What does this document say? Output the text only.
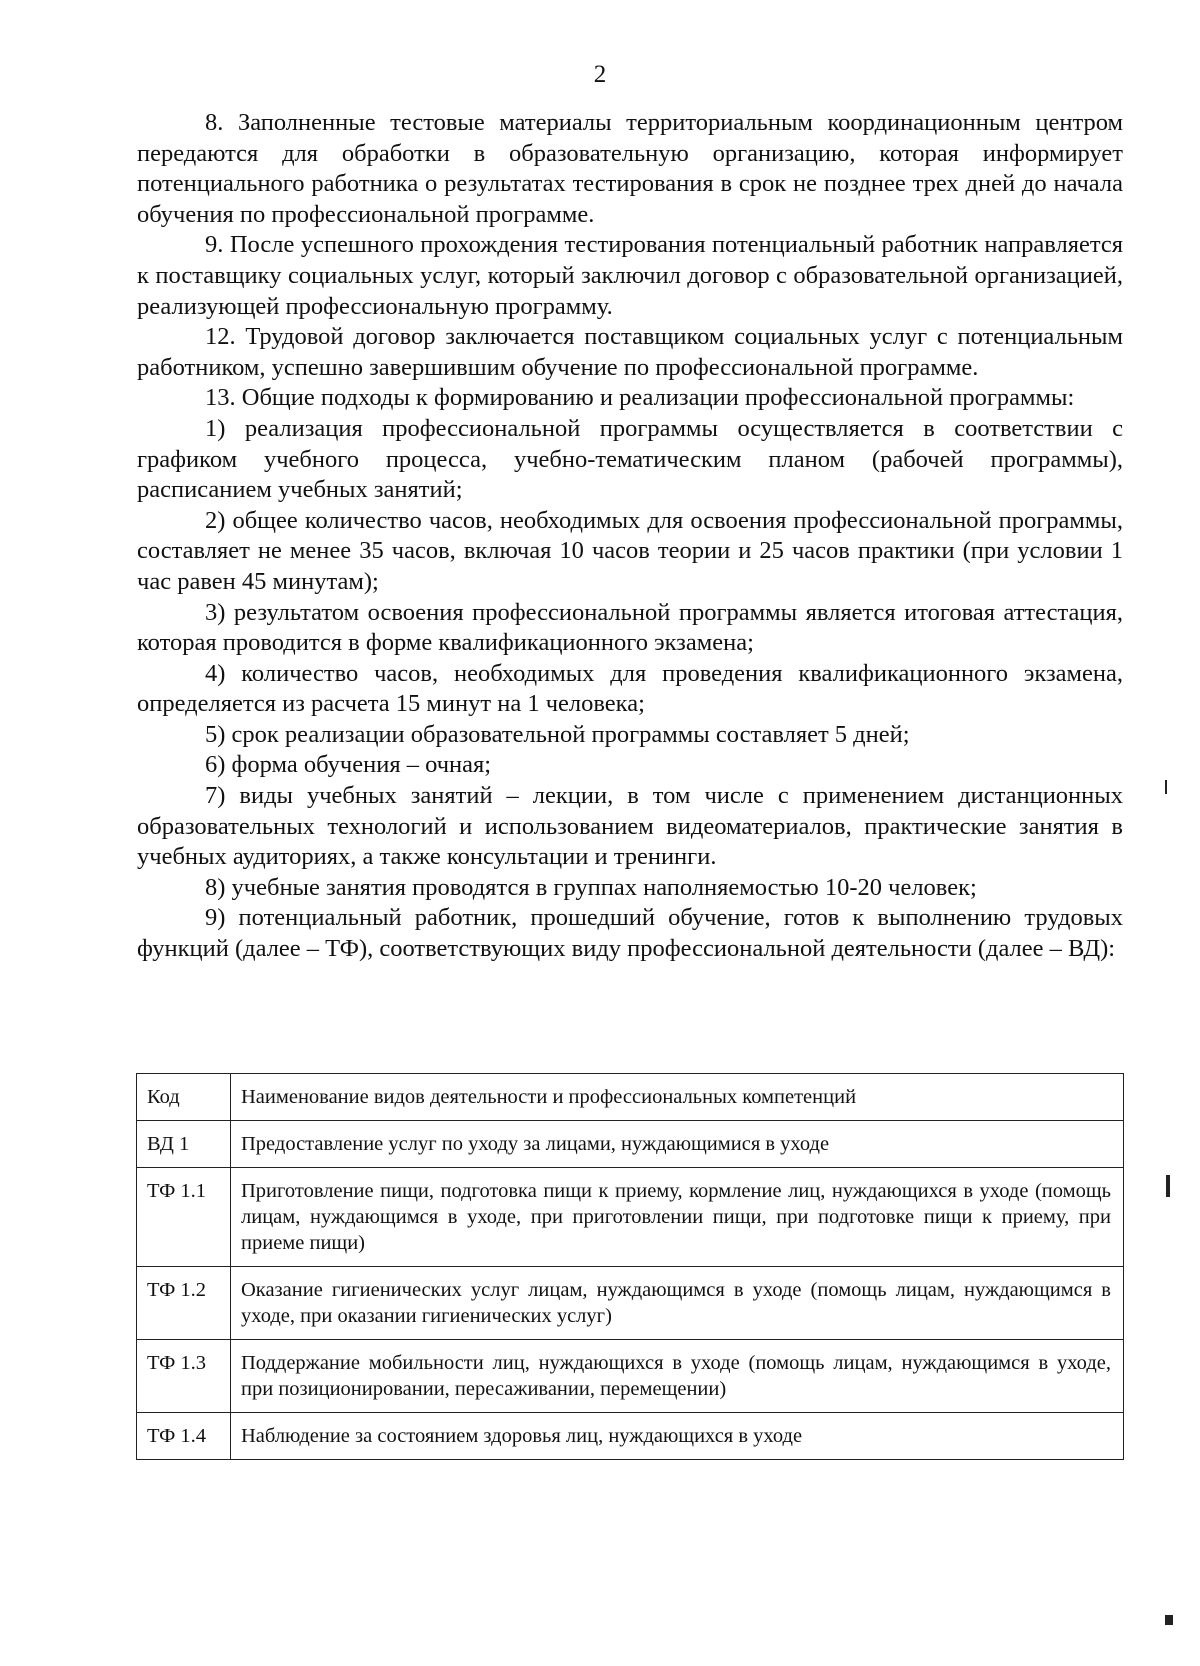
2

8. Заполненные тестовые материалы территориальным координационным центром передаются для обработки в образовательную организацию, которая информирует потенциального работника о результатах тестирования в срок не позднее трех дней до начала обучения по профессиональной программе.

9. После успешного прохождения тестирования потенциальный работник направляется к поставщику социальных услуг, который заключил договор с образовательной организацией, реализующей профессиональную программу.

12. Трудовой договор заключается поставщиком социальных услуг с потенциальным работником, успешно завершившим обучение по профессиональной программе.

13. Общие подходы к формированию и реализации профессиональной программы:

1) реализация профессиональной программы осуществляется в соответствии с графиком учебного процесса, учебно-тематическим планом (рабочей программы), расписанием учебных занятий;

2) общее количество часов, необходимых для освоения профессиональной программы, составляет не менее 35 часов, включая 10 часов теории и 25 часов практики (при условии 1 час равен 45 минутам);

3) результатом освоения профессиональной программы является итоговая аттестация, которая проводится в форме квалификационного экзамена;

4) количество часов, необходимых для проведения квалификационного экзамена, определяется из расчета 15 минут на 1 человека;

5) срок реализации образовательной программы составляет 5 дней;

6) форма обучения – очная;

7) виды учебных занятий – лекции, в том числе с применением дистанционных образовательных технологий и использованием видеоматериалов, практические занятия в учебных аудиториях, а также консультации и тренинги.

8) учебные занятия проводятся в группах наполняемостью 10-20 человек;

9) потенциальный работник, прошедший обучение, готов к выполнению трудовых функций (далее – ТФ), соответствующих виду профессиональной деятельности (далее – ВД):

Код	Наименование видов деятельности и профессиональных компетенций
ВД 1	Предоставление услуг по уходу за лицами, нуждающимися в уходе
ТФ 1.1	Приготовление пищи, подготовка пищи к приему, кормление лиц, нуждающихся в уходе (помощь лицам, нуждающимся в уходе, при приготовлении пищи, при подготовке пищи к приему, при приеме пищи)
ТФ 1.2	Оказание гигиенических услуг лицам, нуждающимся в уходе (помощь лицам, нуждающимся в уходе, при оказании гигиенических услуг)
ТФ 1.3	Поддержание мобильности лиц, нуждающихся в уходе (помощь лицам, нуждающимся в уходе, при позиционировании, пересаживании, перемещении)
ТФ 1.4	Наблюдение за состоянием здоровья лиц, нуждающихся в уходе
